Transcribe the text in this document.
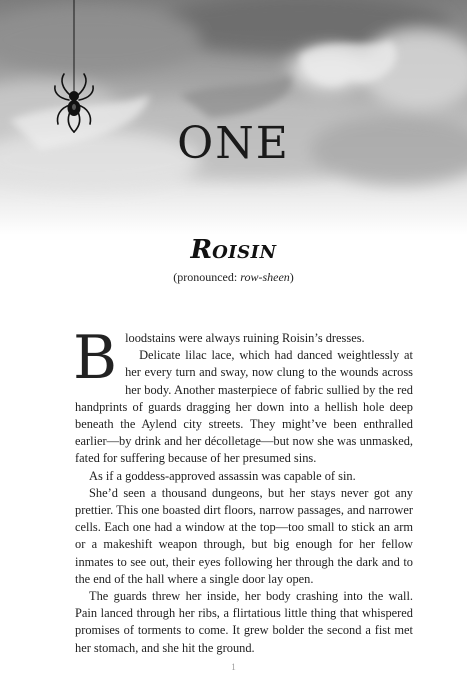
ONE
ROISIN
(pronounced: row-sheen)

Bloodstains were always ruining Roisin’s dresses.

Delicate lilac lace, which had danced weightlessly at her every turn and sway, now clung to the wounds across her body. Another masterpiece of fabric sullied by the red handprints of guards dragging her down into a hellish hole deep beneath the Aylend city streets. They might’ve been enthralled earlier—by drink and her décolletage—but now she was unmasked, fated for suffering because of her presumed sins.

As if a goddess-approved assassin was capable of sin.

She’d seen a thousand dungeons, but her stays never got any prettier. This one boasted dirt floors, narrow passages, and narrower cells. Each one had a window at the top—too small to stick an arm or a makeshift weapon through, but big enough for her fellow inmates to see out, their eyes following her through the dark and to the end of the hall where a single door lay open.

The guards threw her inside, her body crashing into the wall. Pain lanced through her ribs, a flirtatious little thing that whispered promises of torments to come. It grew bolder the second a fist met her stomach, and she hit the ground.

1
